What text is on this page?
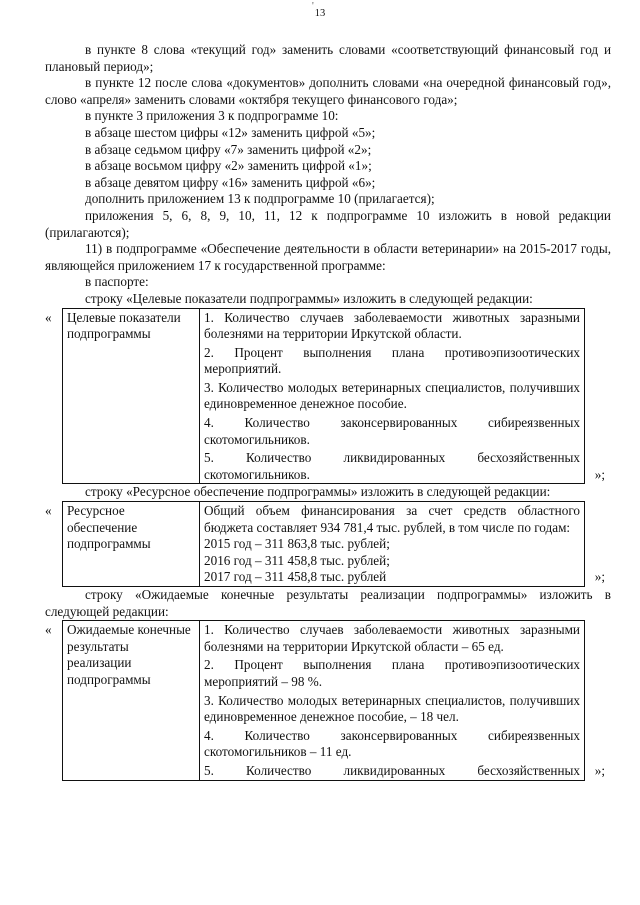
13
'

в пункте 8 слова «текущий год» заменить словами «соответствующий финансовый год и плановый период»;

в пункте 12 после слова «документов» дополнить словами «на очередной финансовый год», слово «апреля» заменить словами «октября текущего финансового года»;

в пункте 3 приложения 3 к подпрограмме 10:

в абзаце шестом цифры «12» заменить цифрой «5»;

в абзаце седьмом цифру «7» заменить цифрой «2»;

в абзаце восьмом цифру «2» заменить цифрой «1»;

в абзаце девятом цифру «16» заменить цифрой «6»;

дополнить приложением 13 к подпрограмме 10 (прилагается);

приложения 5, 6, 8, 9, 10, 11, 12 к подпрограмме 10 изложить в новой редакции (прилагаются);

11) в подпрограмме «Обеспечение деятельности в области ветеринарии» на 2015-2017 годы, являющейся приложением 17 к государственной программе:

в паспорте:

строку «Целевые показатели подпрограммы» изложить в следующей редакции:

«	Целевые показатели подпрограммы	
1. Количество случаев заболеваемости животных заразными болезнями на территории Иркутской области.
2. Процент выполнения плана противоэпизоотических мероприятий.
3. Количество молодых ветеринарных специалистов, получивших единовременное денежное пособие.
4. Количество законсервированных сибиреязвенных скотомогильников.
5. Количество ликвидированных бесхозяйственных скотомогильников.	»;

строку «Ресурсное обеспечение подпрограммы» изложить в следующей редакции:

«	Ресурсное обеспечение подпрограммы	
Общий объем финансирования за счет средств областного бюджета составляет 934 781,4 тыс. рублей, в том числе по годам:
2015 год – 311 863,8 тыс. рублей;
2016 год – 311 458,8 тыс. рублей;
2017 год – 311 458,8 тыс. рублей	»;

строку «Ожидаемые конечные результаты реализации подпрограммы» изложить в следующей редакции:

«	Ожидаемые конечные результаты реализации подпрограммы	
1. Количество случаев заболеваемости животных заразными болезнями на территории Иркутской области – 65 ед.
2. Процент выполнения плана противоэпизоотических мероприятий – 98 %.
3. Количество молодых ветеринарных специалистов, получивших единовременное денежное пособие, – 18 чел.
4. Количество законсервированных сибиреязвенных скотомогильников – 11 ед.
5. Количество ликвидированных бесхозяйственных	»;
